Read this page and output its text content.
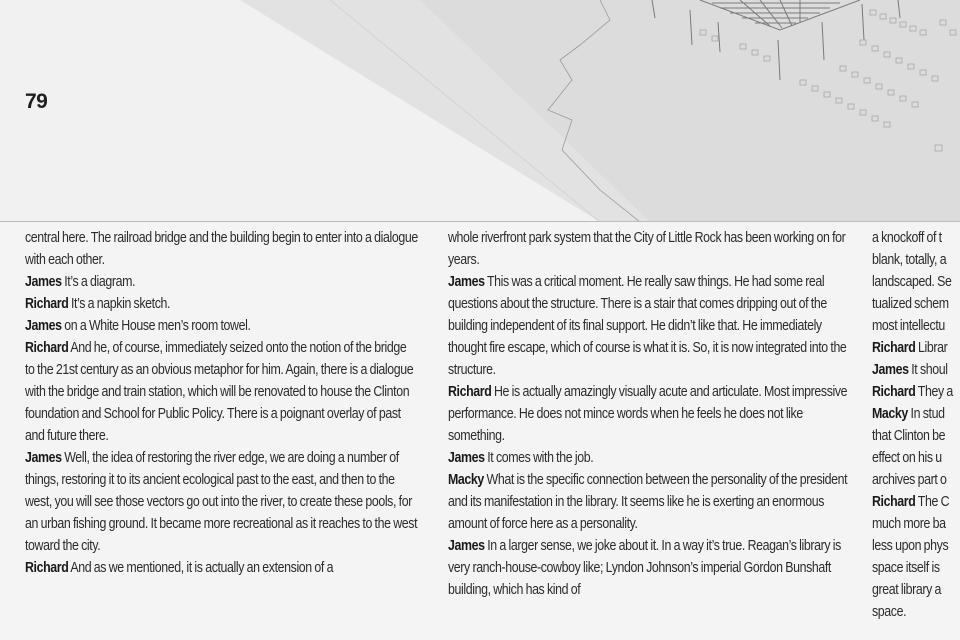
79

central here. The railroad bridge and the building begin to enter into a dialogue with each other.

James It’s a diagram.

Richard It’s a napkin sketch.

James on a White House men’s room towel.

Richard And he, of course, immediately seized onto the notion of the bridge to the 21st century as an obvious metaphor for him. Again, there is a dialogue with the bridge and train station, which will be renovated to house the Clinton foundation and School for Public Policy. There is a poignant overlay of past and future there.

James Well, the idea of restoring the river edge, we are doing a number of things, restoring it to its ancient ecological past to the east, and then to the west, you will see those vectors go out into the river, to create these pools, for an urban fishing ground. It became more recreational as it reaches to the west toward the city.

Richard And as we mentioned, it is actually an extension of a

whole riverfront park system that the City of Little Rock has been working on for years.

James This was a critical moment. He really saw things. He had some real questions about the structure. There is a stair that comes dripping out of the building independent of its final support. He didn’t like that. He immediately thought fire escape, which of course is what it is. So, it is now integrated into the structure.

Richard He is actually amazingly visually acute and articulate. Most impressive performance. He does not mince words when he feels he does not like something.

James It comes with the job.

Macky What is the specific connection between the personality of the president and its manifestation in the library. It seems like he is exerting an enormous amount of force here as a personality.

James In a larger sense, we joke about it. In a way it’s true. Reagan’s library is very ranch-house-cowboy like; Lyndon Johnson’s imperial Gordon Bunshaft building, which has kind of

a knockoff of t

blank, totally, a

landscaped. Se

tualized schem

most intellectu

Richard Librar

James It shoul

Richard They a

Macky In stud

that Clinton be

effect on his u

archives part o

Richard The C

much more ba

less upon phys

space itself is

great library a

space.
